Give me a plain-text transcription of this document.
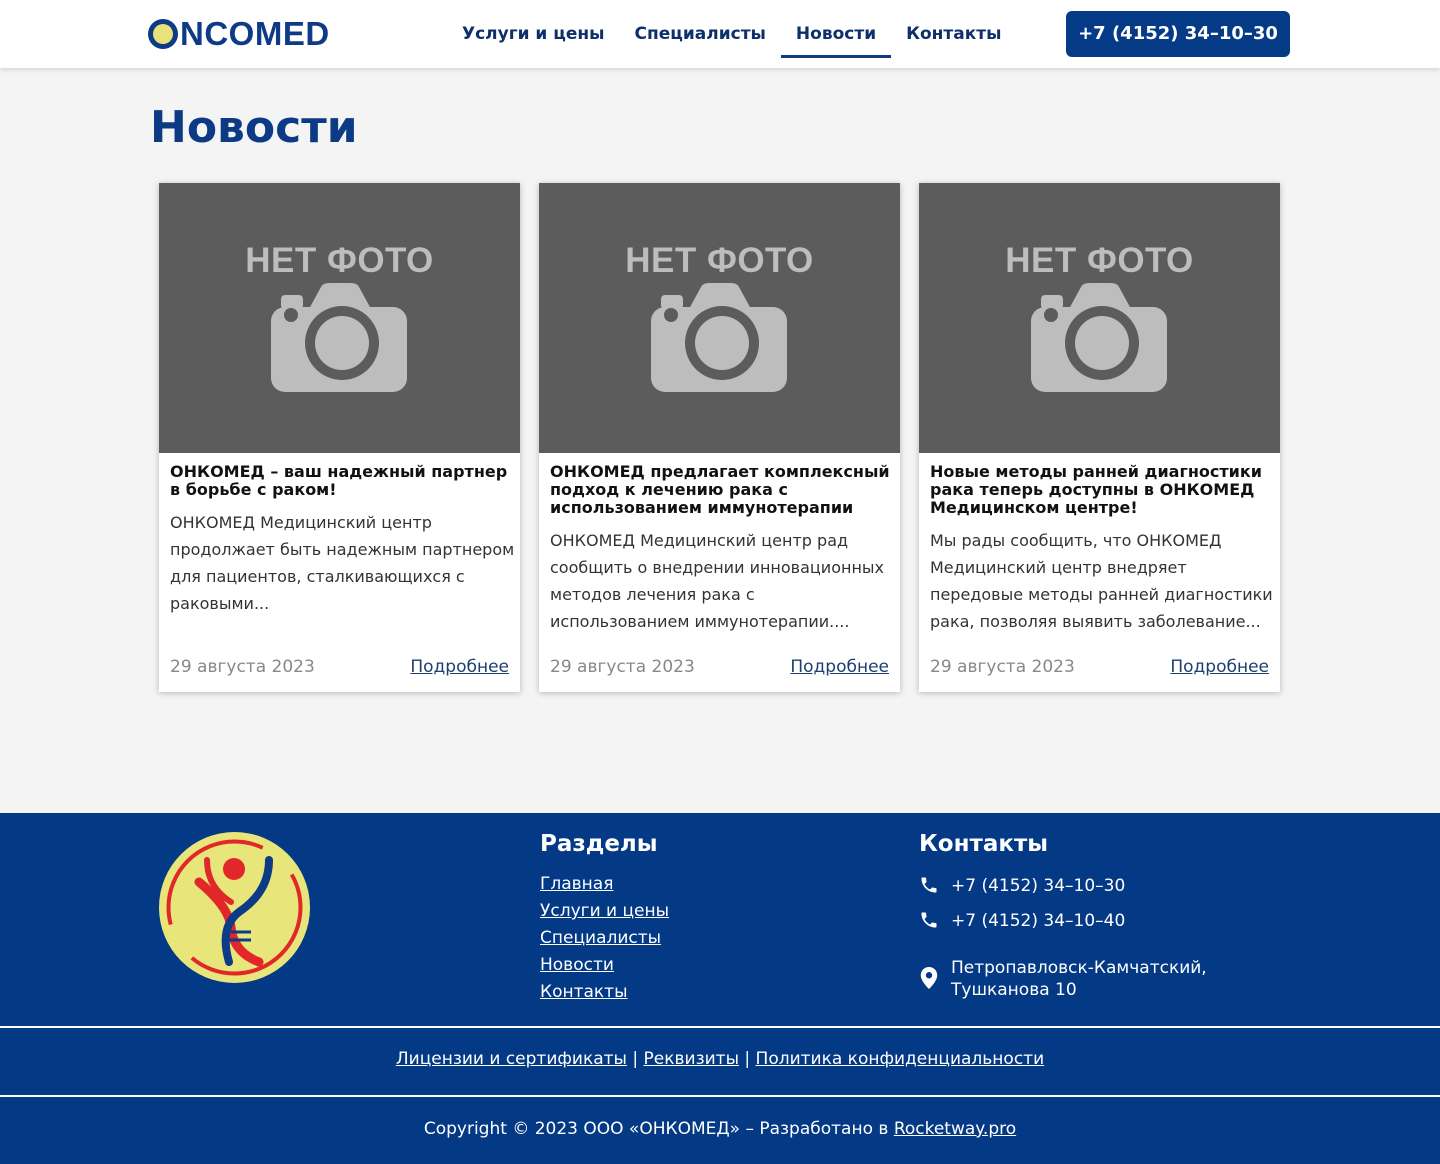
NCOMED	Услуги и цены	Специалисты	Новости	Контакты	+7 (4152) 34–10–30
Новости
НЕТ ФОТО
ОНКОМЕД – ваш надежный партнер в борьбе с раком!
ОНКОМЕД Медицинский центр продолжает быть надежным партнером для пациентов, сталкивающихся с раковыми...
29 августа 2023	Подробнее
НЕТ ФОТО
ОНКОМЕД предлагает комплексный подход к лечению рака с использованием иммунотерапии
ОНКОМЕД Медицинский центр рад сообщить о внедрении инновационных методов лечения рака с использованием иммунотерапии....
29 августа 2023	Подробнее
НЕТ ФОТО
Новые методы ранней диагностики рака теперь доступны в ОНКОМЕД Медицинском центре!
Мы рады сообщить, что ОНКОМЕД Медицинский центр внедряет передовые методы ранней диагностики рака, позволяя выявить заболевание...
29 августа 2023	Подробнее
Разделы
Главная
Услуги и цены
Специалисты
Новости
Контакты
Контакты
+7 (4152) 34–10–30
+7 (4152) 34–10–40
Петропавловск-Камчатский,
Тушканова 10
Лицензии и сертификаты | Реквизиты | Политика конфиденциальности
Copyright © 2023 ООО «ОНКОМЕД» – Разработано в Rocketway.pro
